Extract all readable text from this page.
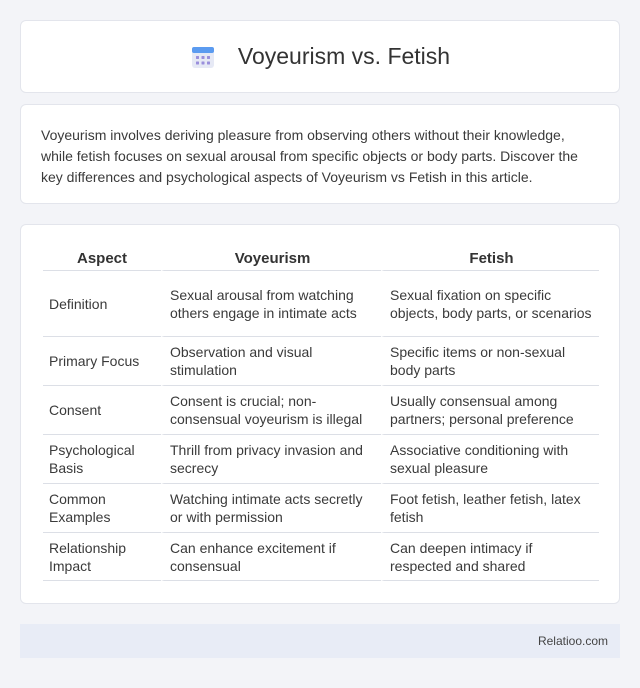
Voyeurism vs. Fetish

Voyeurism involves deriving pleasure from observing others without their knowledge, while fetish focuses on sexual arousal from specific objects or body parts. Discover the key differences and psychological aspects of Voyeurism vs Fetish in this article.

Aspect	Voyeurism	Fetish
Definition	Sexual arousal from watching others engage in intimate acts	Sexual fixation on specific objects, body parts, or scenarios
Primary Focus	Observation and visual stimulation	Specific items or non-sexual body parts
Consent	Consent is crucial; non-consensual voyeurism is illegal	Usually consensual among partners; personal preference
Psychological Basis	Thrill from privacy invasion and secrecy	Associative conditioning with sexual pleasure
Common Examples	Watching intimate acts secretly or with permission	Foot fetish, leather fetish, latex fetish
Relationship Impact	Can enhance excitement if consensual	Can deepen intimacy if respected and shared
Relatioo.com
